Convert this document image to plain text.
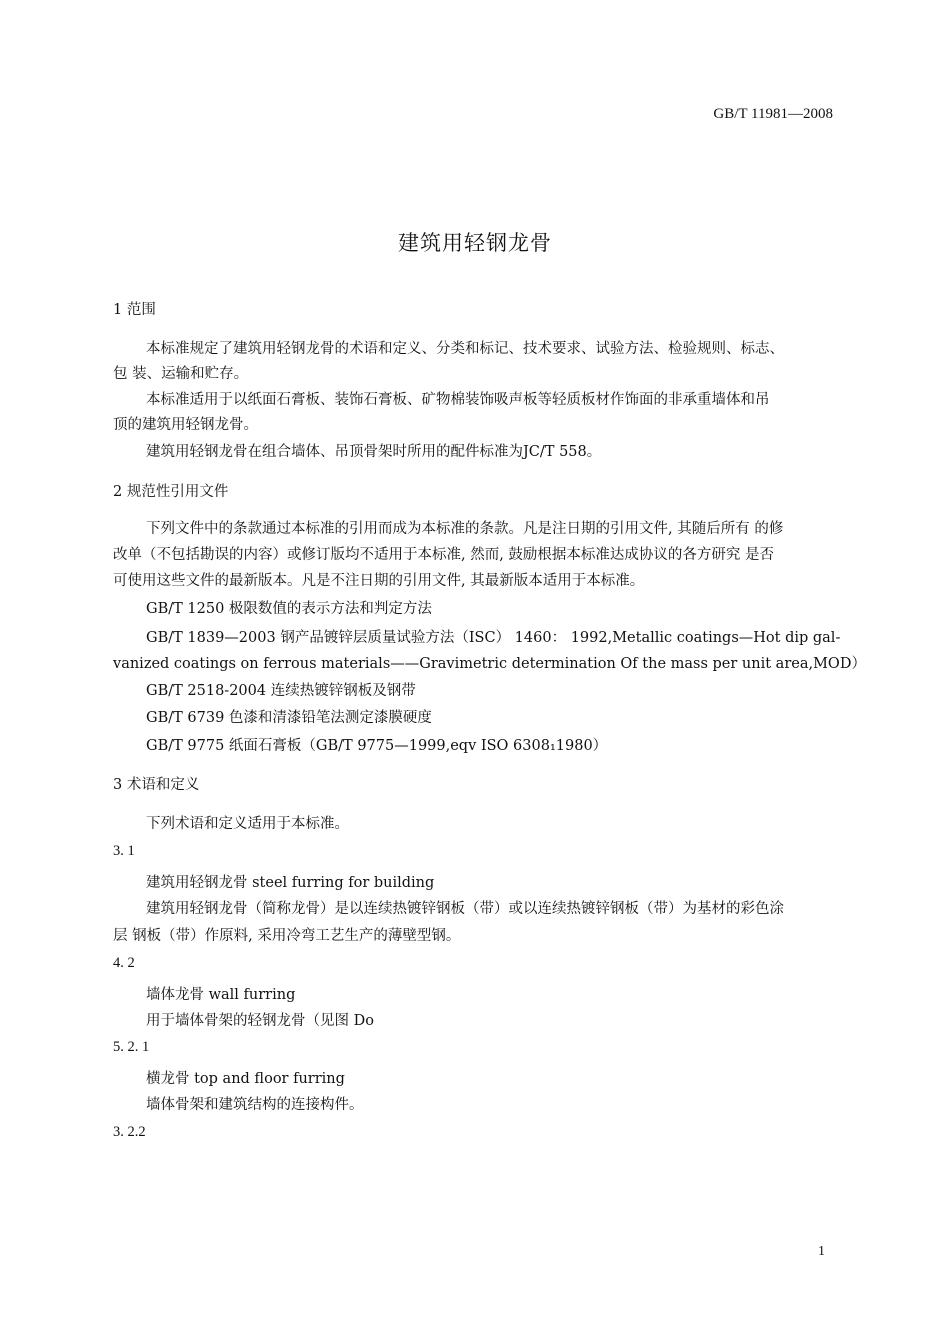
GB/T 11981—2008
建筑用轻钢龙骨
1 范围
本标准规定了建筑用轻钢龙骨的术语和定义、分类和标记、技术要求、试验方法、检验规则、标志、
包 装、运输和贮存。
本标准适用于以纸面石膏板、装饰石膏板、矿物棉装饰吸声板等轻质板材作饰面的非承重墙体和吊
顶的建筑用轻钢龙骨。
建筑用轻钢龙骨在组合墙体、吊顶骨架时所用的配件标准为JC/T 558。
2 规范性引用文件
下列文件中的条款通过本标准的引用而成为本标准的条款。凡是注日期的引用文件, 其随后所有 的修
改单（不包括勘误的内容）或修订版均不适用于本标准, 然而, 鼓励根据本标准达成协议的各方研究 是否
可使用这些文件的最新版本。凡是不注日期的引用文件, 其最新版本适用于本标准。
GB/T 1250 极限数值的表示方法和判定方法
GB/T 1839—2003 钢产品镀锌层质量试验方法（ISC） 1460： 1992,Metallic coatings—Hot dip gal-
vanized coatings on ferrous materials——Gravimetric determination Of the mass per unit area,MOD）
GB/T 2518-2004 连续热镀锌钢板及钢带
GB/T 6739 色漆和清漆铅笔法测定漆膜硬度
GB/T 9775 纸面石膏板（GB/T 9775—1999,eqv ISO 6308₁1980）
3 术语和定义
下列术语和定义适用于本标准。
3. 1
建筑用轻钢龙骨 steel furring for building
建筑用轻钢龙骨（简称龙骨）是以连续热镀锌钢板（带）或以连续热镀锌钢板（带）为基材的彩色涂
层 钢板（带）作原料, 采用冷弯工艺生产的薄壁型钢。
4. 2
墙体龙骨 wall furring
用于墙体骨架的轻钢龙骨（见图 Do
5. 2. 1
横龙骨 top and floor furring
墙体骨架和建筑结构的连接构件。
3. 2.2
1
